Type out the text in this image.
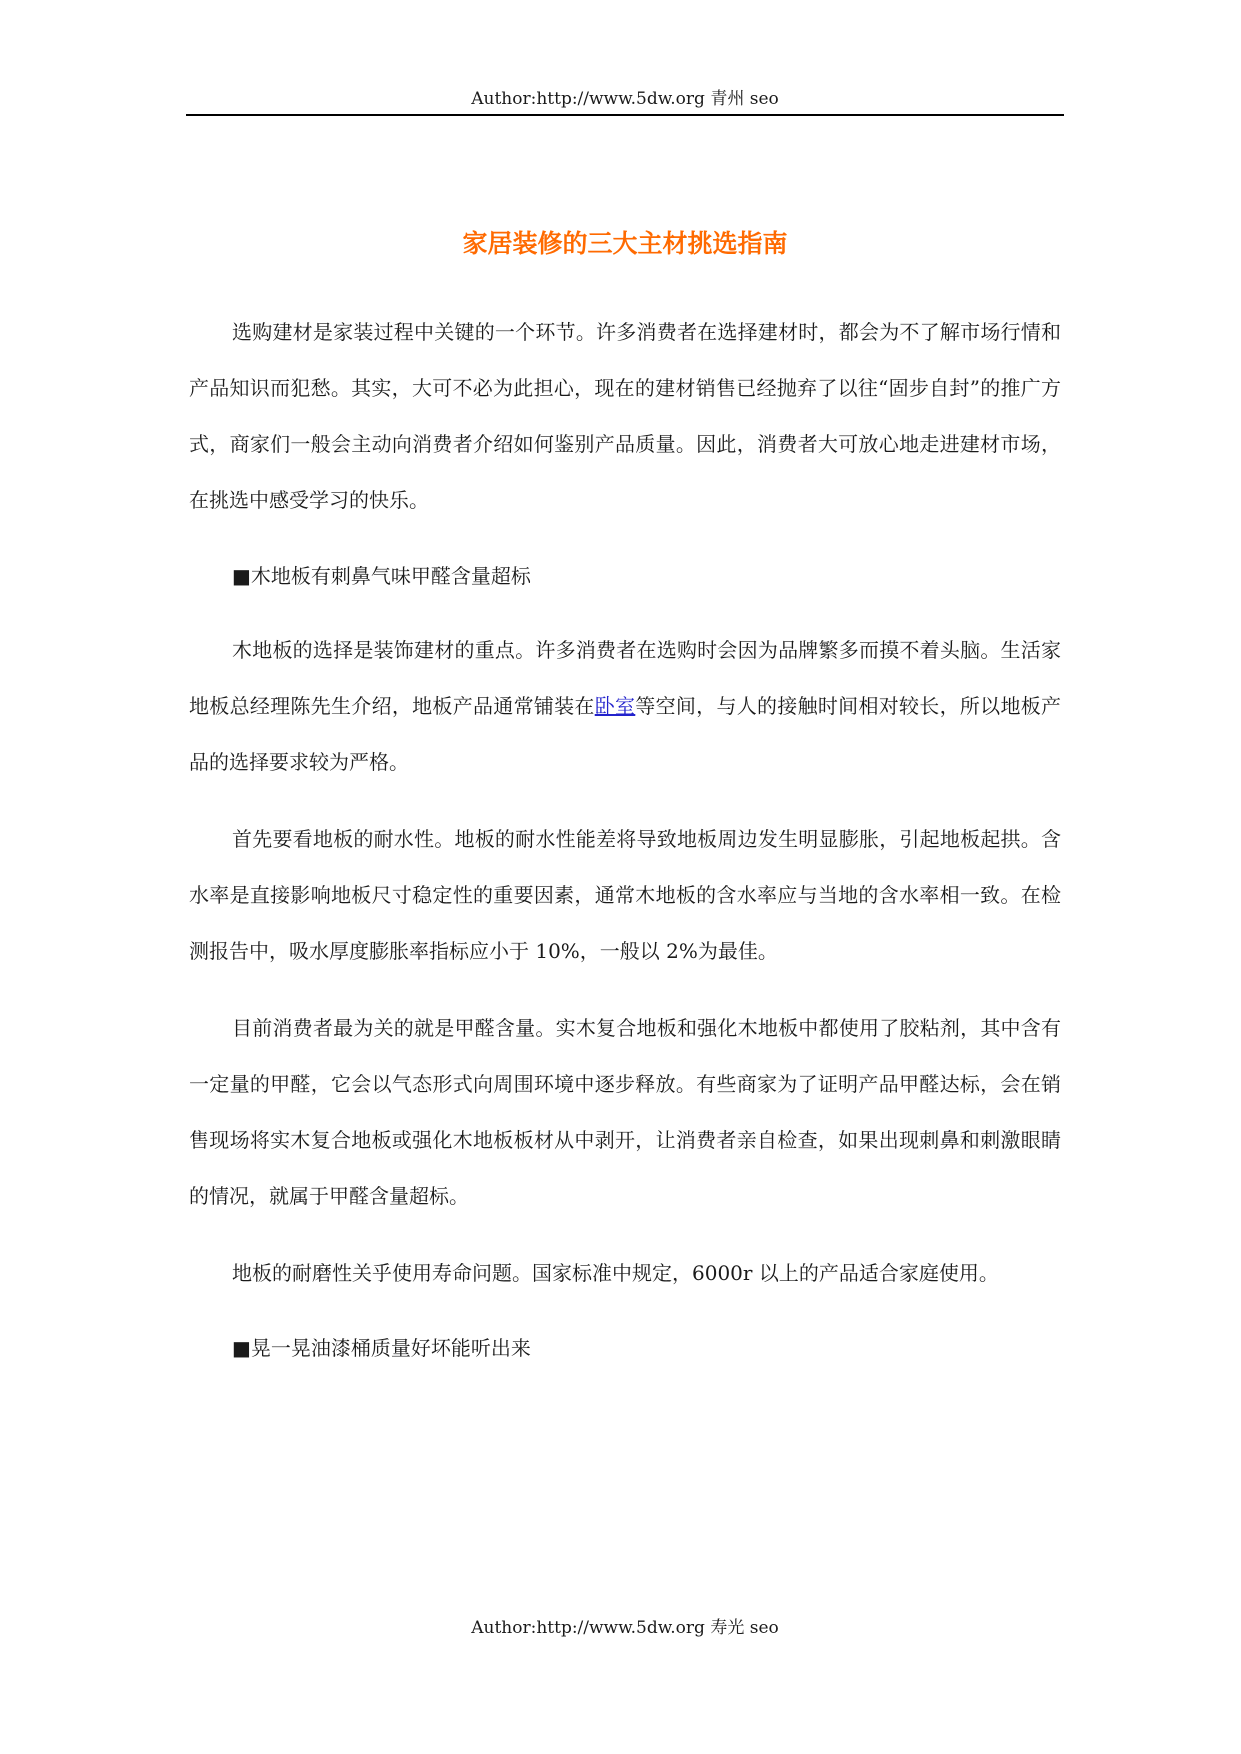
Author:http://www.5dw.org 青州 seo
家居装修的三大主材挑选指南

选购建材是家装过程中关键的一个环节。许多消费者在选择建材时，都会为不了解市场行情和产品知识而犯愁。其实，大可不必为此担心，现在的建材销售已经抛弃了以往“固步自封”的推广方式，商家们一般会主动向消费者介绍如何鉴别产品质量。因此，消费者大可放心地走进建材市场，在挑选中感受学习的快乐。

■木地板有刺鼻气味甲醛含量超标

木地板的选择是装饰建材的重点。许多消费者在选购时会因为品牌繁多而摸不着头脑。生活家地板总经理陈先生介绍，地板产品通常铺装在卧室等空间，与人的接触时间相对较长，所以地板产品的选择要求较为严格。

首先要看地板的耐水性。地板的耐水性能差将导致地板周边发生明显膨胀，引起地板起拱。含水率是直接影响地板尺寸稳定性的重要因素，通常木地板的含水率应与当地的含水率相一致。在检测报告中，吸水厚度膨胀率指标应小于 10%，一般以 2%为最佳。

目前消费者最为关的就是甲醛含量。实木复合地板和强化木地板中都使用了胶粘剂，其中含有一定量的甲醛，它会以气态形式向周围环境中逐步释放。有些商家为了证明产品甲醛达标，会在销售现场将实木复合地板或强化木地板板材从中剥开，让消费者亲自检查，如果出现刺鼻和刺激眼睛的情况，就属于甲醛含量超标。

地板的耐磨性关乎使用寿命问题。国家标准中规定，6000r 以上的产品适合家庭使用。

■晃一晃油漆桶质量好坏能听出来

Author:http://www.5dw.org 寿光 seo
